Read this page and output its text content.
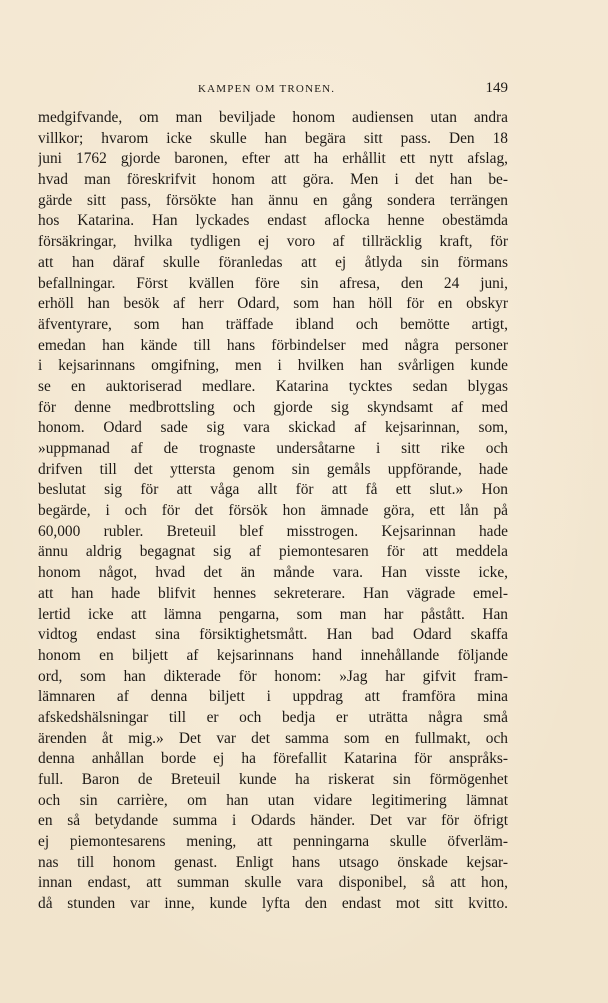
KAMPEN OM TRONEN.	149
medgifvande, om man beviljade honom audiensen utan andra
villkor; hvarom icke skulle han begära sitt pass. Den 18
juni 1762 gjorde baronen, efter att ha erhållit ett nytt afslag,
hvad man föreskrifvit honom att göra. Men i det han be-
gärde sitt pass, försökte han ännu en gång sondera terrängen
hos Katarina. Han lyckades endast aflocka henne obestämda
försäkringar, hvilka tydligen ej voro af tillräcklig kraft, för
att han däraf skulle föranledas att ej åtlyda sin förmans
befallningar. Först kvällen före sin afresa, den 24 juni,
erhöll han besök af herr Odard, som han höll för en obskyr
äfventyrare, som han träffade ibland och bemötte artigt,
emedan han kände till hans förbindelser med några personer
i kejsarinnans omgifning, men i hvilken han svårligen kunde
se en auktoriserad medlare. Katarina tycktes sedan blygas
för denne medbrottsling och gjorde sig skyndsamt af med
honom. Odard sade sig vara skickad af kejsarinnan, som,
»uppmanad af de trognaste undersåtarne i sitt rike och
drifven till det yttersta genom sin gemåls uppförande, hade
beslutat sig för att våga allt för att få ett slut.» Hon
begärde, i och för det försök hon ämnade göra, ett lån på
60,000 rubler. Breteuil blef misstrogen. Kejsarinnan hade
ännu aldrig begagnat sig af piemontesaren för att meddela
honom något, hvad det än månde vara. Han visste icke,
att han hade blifvit hennes sekreterare. Han vägrade emel-
lertid icke att lämna pengarna, som man har påstått. Han
vidtog endast sina försiktighetsmått. Han bad Odard skaffa
honom en biljett af kejsarinnans hand innehållande följande
ord, som han dikterade för honom: »Jag har gifvit fram-
lämnaren af denna biljett i uppdrag att framföra mina
afskedshälsningar till er och bedja er uträtta några små
ärenden åt mig.» Det var det samma som en fullmakt, och
denna anhållan borde ej ha förefallit Katarina för anspråks-
full. Baron de Breteuil kunde ha riskerat sin förmögenhet
och sin carrière, om han utan vidare legitimering lämnat
en så betydande summa i Odards händer. Det var för öfrigt
ej piemontesarens mening, att penningarna skulle öfverläm-
nas till honom genast. Enligt hans utsago önskade kejsar-
innan endast, att summan skulle vara disponibel, så att hon,
då stunden var inne, kunde lyfta den endast mot sitt kvitto.
